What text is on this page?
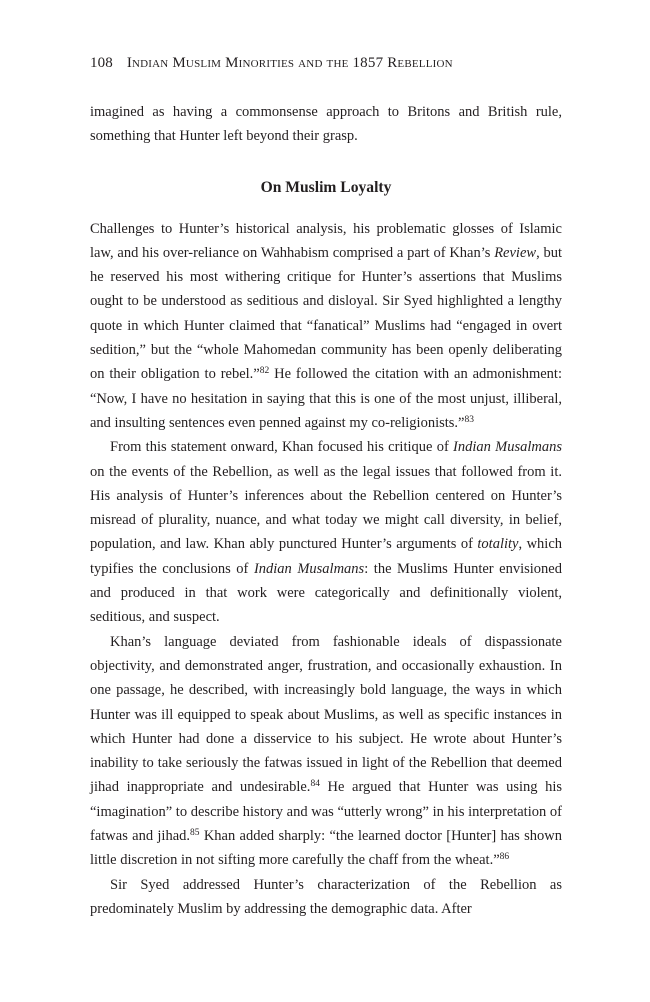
108 Indian Muslim Minorities and the 1857 Rebellion

imagined as having a commonsense approach to Britons and British rule, something that Hunter left beyond their grasp.

On Muslim Loyalty

Challenges to Hunter’s historical analysis, his problematic glosses of Islamic law, and his over-reliance on Wahhabism comprised a part of Khan’s Review, but he reserved his most withering critique for Hunter’s assertions that Muslims ought to be understood as seditious and disloyal. Sir Syed highlighted a lengthy quote in which Hunter claimed that “fanatical” Muslims had “engaged in overt sedition,” but the “whole Mahomedan community has been openly deliberating on their obligation to rebel.”$^{82}$ He followed the citation with an admonishment: “Now, I have no hesitation in saying that this is one of the most unjust, illiberal, and insulting sentences even penned against my co-religionists.”$^{83}$

From this statement onward, Khan focused his critique of Indian Musalmans on the events of the Rebellion, as well as the legal issues that followed from it. His analysis of Hunter’s inferences about the Rebellion centered on Hunter’s misread of plurality, nuance, and what today we might call diversity, in belief, population, and law. Khan ably punctured Hunter’s arguments of totality, which typifies the conclusions of Indian Musalmans: the Muslims Hunter envisioned and produced in that work were categorically and definitionally violent, seditious, and suspect.

Khan’s language deviated from fashionable ideals of dispassionate objectivity, and demonstrated anger, frustration, and occasionally exhaustion. In one passage, he described, with increasingly bold language, the ways in which Hunter was ill equipped to speak about Muslims, as well as specific instances in which Hunter had done a disservice to his subject. He wrote about Hunter’s inability to take seriously the fatwas issued in light of the Rebellion that deemed jihad inappropriate and undesirable.$^{84}$ He argued that Hunter was using his “imagination” to describe history and was “utterly wrong” in his interpretation of fatwas and jihad.$^{85}$ Khan added sharply: “the learned doctor [Hunter] has shown little discretion in not sifting more carefully the chaff from the wheat.”$^{86}$

Sir Syed addressed Hunter’s characterization of the Rebellion as predominately Muslim by addressing the demographic data. After
